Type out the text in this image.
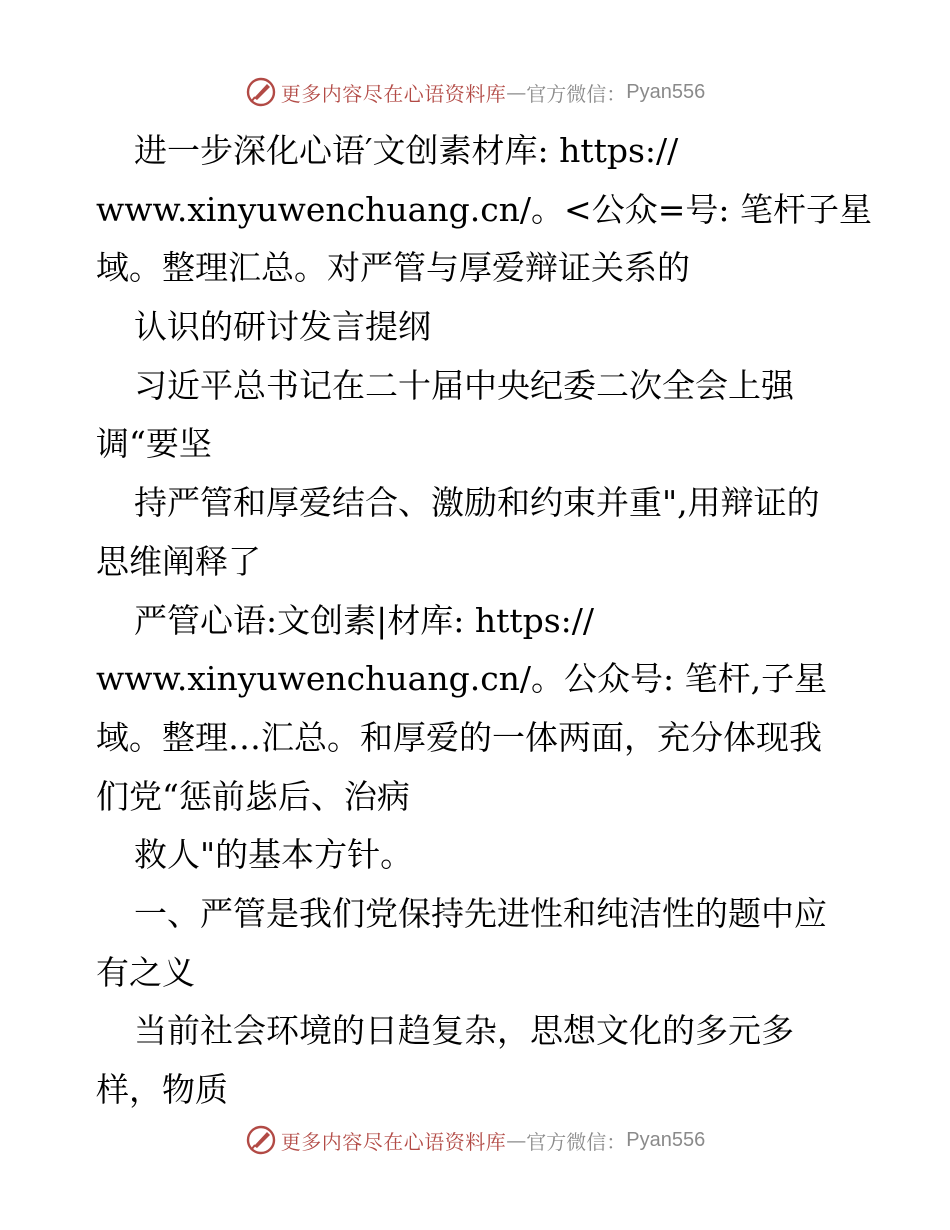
更多内容尽在心语资料库 — 官方微信： Pyan556
进一步深化心语′文创素材库: https://
www.xinyuwenchuang.cn/。<公众=号: 笔杆子星
域。整理汇总。对严管与厚爱辩证关系的
认识的研讨发言提纲
习近平总书记在二十届中央纪委二次全会上强
调“要坚
持严管和厚爱结合、激励和约束并重",用辩证的
思维阐释了
严管心语:文创素|材库: https://
www.xinyuwenchuang.cn/。公众号: 笔杆,子星
域。整理…汇总。和厚爱的一体两面，充分体现我
们党“惩前毖后、治病
救人"的基本方针。
一、严管是我们党保持先进性和纯洁性的题中应
有之义
当前社会环境的日趋复杂，思想文化的多元多
样，物质
更多内容尽在心语资料库 — 官方微信： Pyan556
